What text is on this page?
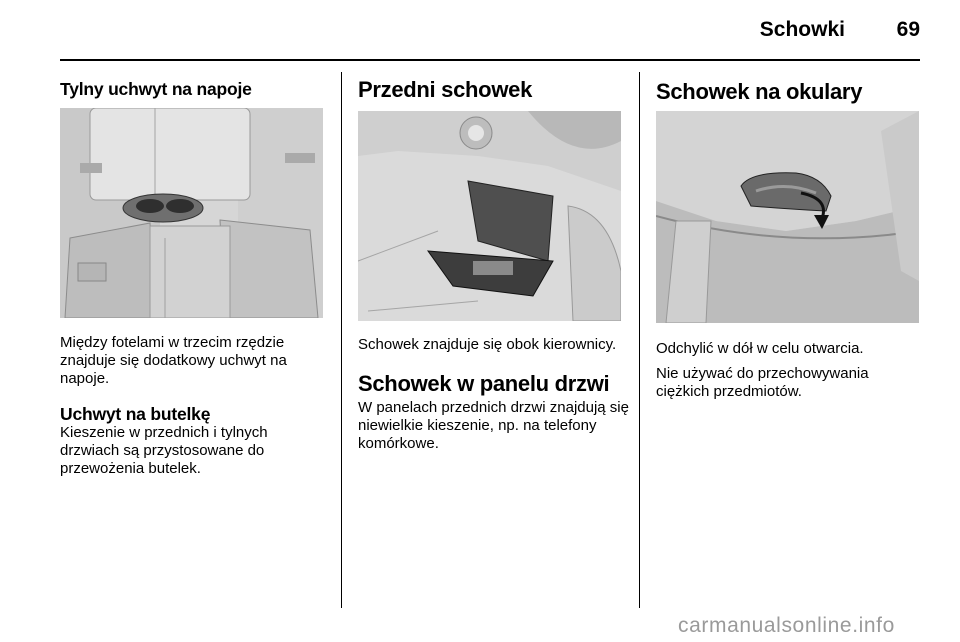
Schowki	69
Tylny uchwyt na napoje

Między fotelami w trzecim rzędzie znajduje się dodatkowy uchwyt na napoje.

Uchwyt na butelkę

Kieszenie w przednich i tylnych drzwiach są przystosowane do przewożenia butelek.

Przedni schowek

Schowek znajduje się obok kierownicy.

Schowek w panelu drzwi

W panelach przednich drzwi znajdują się niewielkie kieszenie, np. na telefony komórkowe.

Schowek na okulary

Odchylić w dół w celu otwarcia.

Nie używać do przechowywania ciężkich przedmiotów.

carmanualsonline.info
